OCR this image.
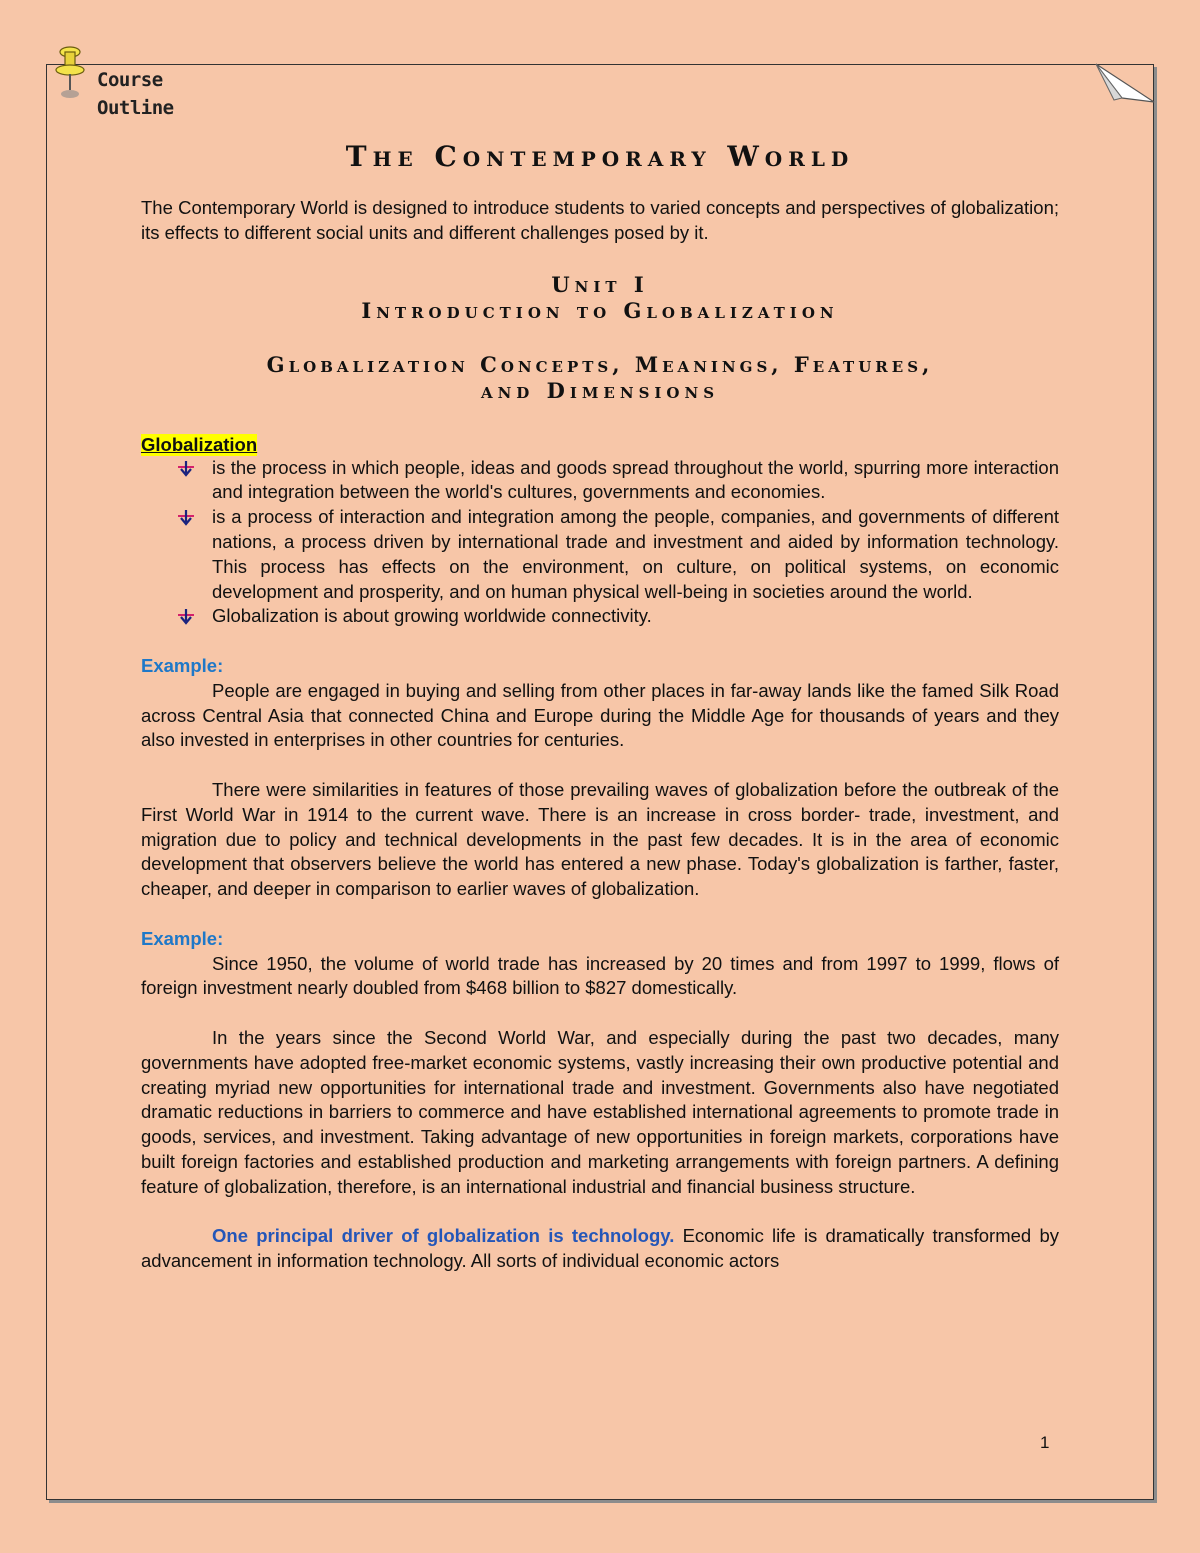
Course
Outline
The Contemporary World

The Contemporary World is designed to introduce students to varied concepts and perspectives of globalization; its effects to different social units and different challenges posed by it.

Unit I
Introduction to Globalization
Globalization Concepts, Meanings, Features,
and Dimensions
Globalization
is the process in which people, ideas and goods spread throughout the world, spurring more interaction and integration between the world's cultures, governments and economies.
is a process of interaction and integration among the people, companies, and governments of different nations, a process driven by international trade and investment and aided by information technology. This process has effects on the environment, on culture, on political systems, on economic development and prosperity, and on human physical well-being in societies around the world.
Globalization is about growing worldwide connectivity.
Example:

People are engaged in buying and selling from other places in far-away lands like the famed Silk Road across Central Asia that connected China and Europe during the Middle Age for thousands of years and they also invested in enterprises in other countries for centuries.

There were similarities in features of those prevailing waves of globalization before the outbreak of the First World War in 1914 to the current wave. There is an increase in cross border- trade, investment, and migration due to policy and technical developments in the past few decades. It is in the area of economic development that observers believe the world has entered a new phase. Today's globalization is farther, faster, cheaper, and deeper in comparison to earlier waves of globalization.

Example:

Since 1950, the volume of world trade has increased by 20 times and from 1997 to 1999, flows of foreign investment nearly doubled from $468 billion to $827 domestically.

In the years since the Second World War, and especially during the past two decades, many governments have adopted free-market economic systems, vastly increasing their own productive potential and creating myriad new opportunities for international trade and investment. Governments also have negotiated dramatic reductions in barriers to commerce and have established international agreements to promote trade in goods, services, and investment. Taking advantage of new opportunities in foreign markets, corporations have built foreign factories and established production and marketing arrangements with foreign partners. A defining feature of globalization, therefore, is an international industrial and financial business structure.

One principal driver of globalization is technology. Economic life is dramatically transformed by advancement in information technology. All sorts of individual economic actors

1
